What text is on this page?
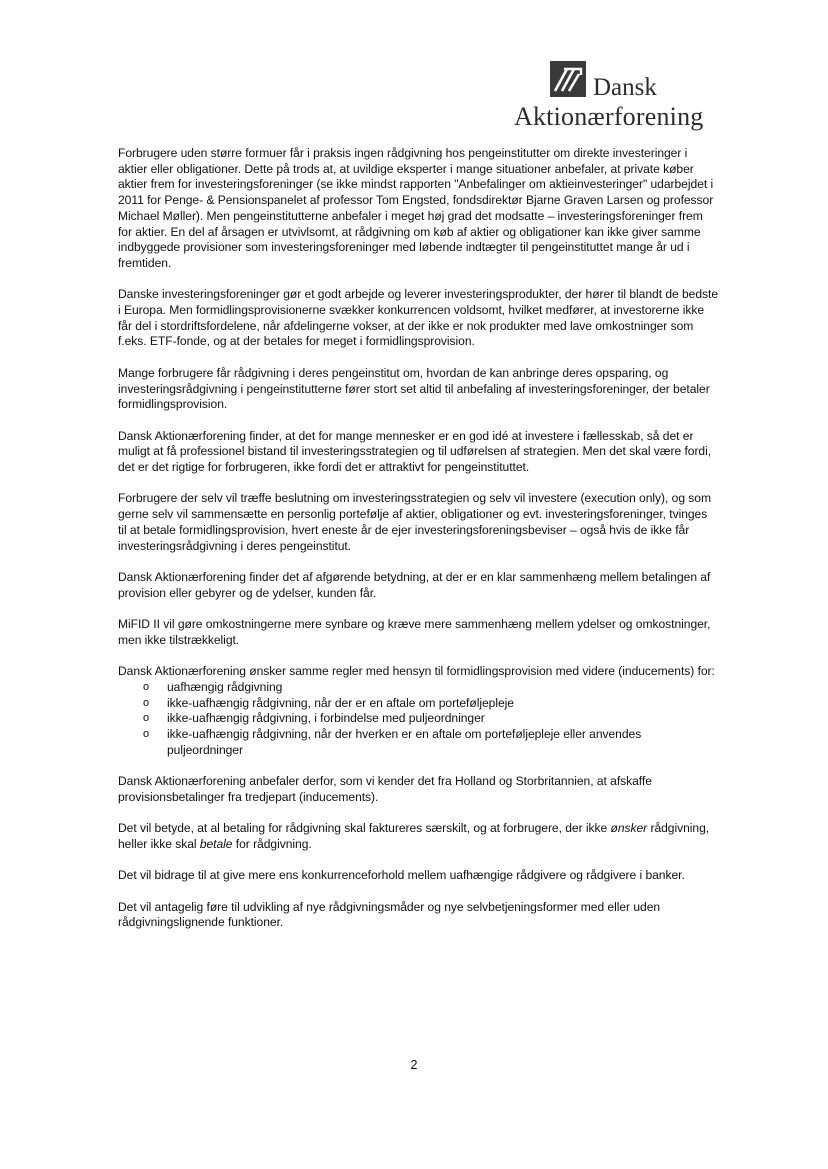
Dansk
Aktionærforening

Forbrugere uden større formuer får i praksis ingen rådgivning hos pengeinstitutter om direkte investeringer i aktier eller obligationer. Dette på trods at, at uvildige eksperter i mange situationer anbefaler, at private køber aktier frem for investeringsforeninger (se ikke mindst rapporten "Anbefalinger om aktieinvesteringer" udarbejdet i 2011 for Penge- & Pensionspanelet af professor Tom Engsted, fondsdirektør Bjarne Graven Larsen og professor Michael Møller). Men pengeinstitutterne anbefaler i meget høj grad det modsatte – investeringsforeninger frem for aktier. En del af årsagen er utvivlsomt, at rådgivning om køb af aktier og obligationer kan ikke giver samme indbyggede provisioner som investeringsforeninger med løbende indtægter til pengeinstituttet mange år ud i fremtiden.

Danske investeringsforeninger gør et godt arbejde og leverer investeringsprodukter, der hører til blandt de bedste i Europa. Men formidlingsprovisionerne svækker konkurrencen voldsomt, hvilket medfører, at investorerne ikke får del i stordriftsfordelene, når afdelingerne vokser, at der ikke er nok produkter med lave omkostninger som f.eks. ETF-fonde, og at der betales for meget i formidlingsprovision.

Mange forbrugere får rådgivning i deres pengeinstitut om, hvordan de kan anbringe deres opsparing, og investeringsrådgivning i pengeinstitutterne fører stort set altid til anbefaling af investeringsforeninger, der betaler formidlingsprovision.

Dansk Aktionærforening finder, at det for mange mennesker er en god idé at investere i fællesskab, så det er muligt at få professionel bistand til investeringsstrategien og til udførelsen af strategien. Men det skal være fordi, det er det rigtige for forbrugeren, ikke fordi det er attraktivt for pengeinstituttet.

Forbrugere der selv vil træffe beslutning om investeringsstrategien og selv vil investere (execution only), og som gerne selv vil sammensætte en personlig portefølje af aktier, obligationer og evt. investeringsforeninger, tvinges til at betale formidlingsprovision, hvert eneste år de ejer investeringsforeningsbeviser – også hvis de ikke får investeringsrådgivning i deres pengeinstitut.

Dansk Aktionærforening finder det af afgørende betydning, at der er en klar sammenhæng mellem betalingen af provision eller gebyrer og de ydelser, kunden får.

MiFID II vil gøre omkostningerne mere synbare og kræve mere sammenhæng mellem ydelser og omkostninger, men ikke tilstrækkeligt.

Dansk Aktionærforening ønsker samme regler med hensyn til formidlingsprovision med videre (inducements) for:

o uafhængig rådgivning
o ikke-uafhængig rådgivning, når der er en aftale om porteføljepleje
o ikke-uafhængig rådgivning, i forbindelse med puljeordninger
o ikke-uafhængig rådgivning, når der hverken er en aftale om porteføljepleje eller anvendes puljeordninger

Dansk Aktionærforening anbefaler derfor, som vi kender det fra Holland og Storbritannien, at afskaffe provisionsbetalinger fra tredjepart (inducements).

Det vil betyde, at al betaling for rådgivning skal faktureres særskilt, og at forbrugere, der ikke ønsker rådgivning, heller ikke skal betale for rådgivning.

Det vil bidrage til at give mere ens konkurrenceforhold mellem uafhængige rådgivere og rådgivere i banker.

Det vil antagelig føre til udvikling af nye rådgivningsmåder og nye selvbetjeningsformer med eller uden rådgivningslignende funktioner.

2
